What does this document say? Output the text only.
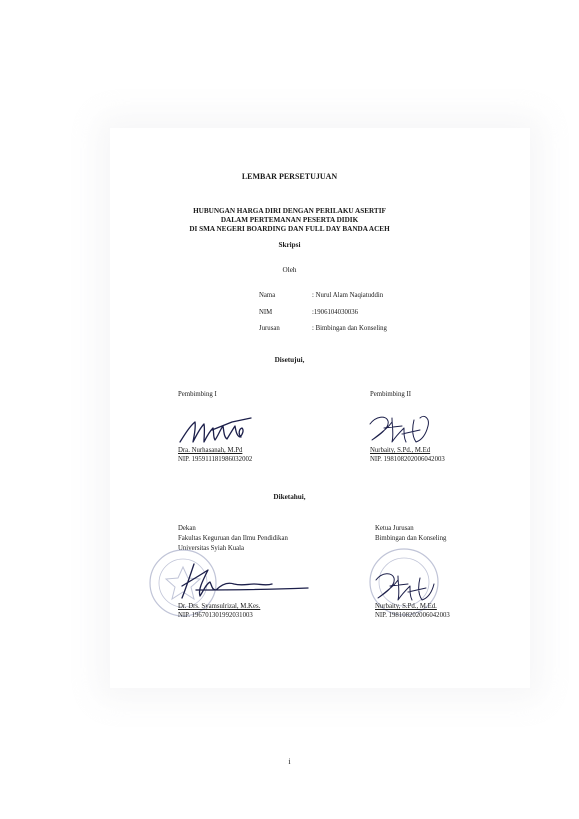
LEMBAR PERSETUJUAN
HUBUNGAN HARGA DIRI DENGAN PERILAKU ASERTIF
DALAM PERTEMANAN PESERTA DIDIK
DI SMA NEGERI BOARDING DAN FULL DAY BANDA ACEH
Skripsi
Oleh
Nama	: Nurul Alam Naqiatuddin
NIM	:1906104030036
Jurusan	: Bimbingan dan Konseling
Disetujui,
Pembimbing I	Pembimbing II
Dra. Nurhasanah, M.Pd
NIP. 195911181986032002
Nurbaity, S.Pd., M.Ed
NIP. 198108202006042003
Diketahui,
Dekan
Fakultas Keguruan dan Ilmu Pendidikan
Universitas Syiah Kuala
Ketua Jurusan
Bimbingan dan Konseling
Dr. Drs. Syamsulrizal, M.Kes.
NIP. 196701301992031003
Nurbaity, S.Pd., M.Ed.
NIP. 198108202006042003
i
